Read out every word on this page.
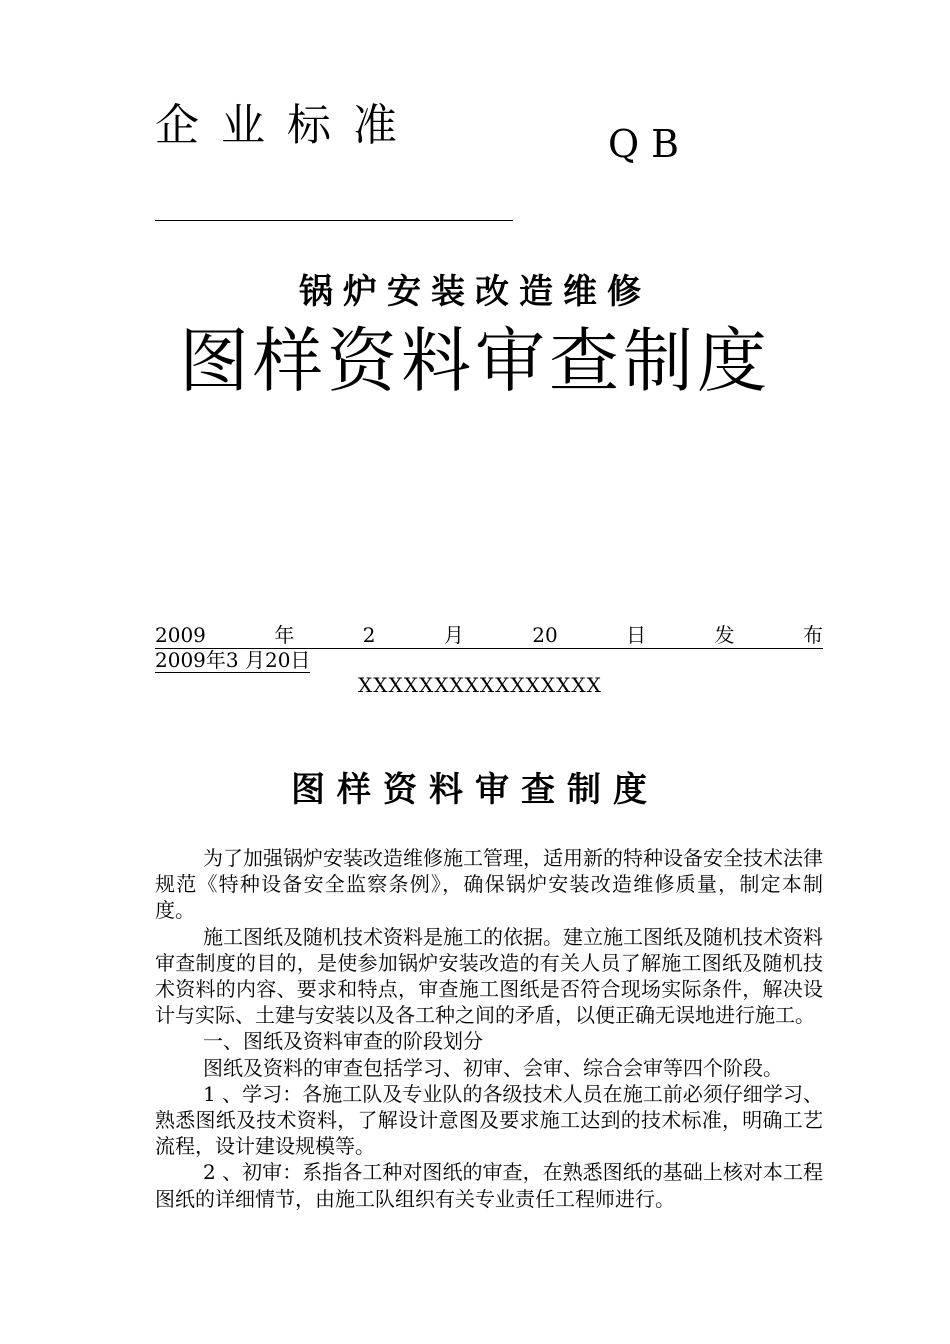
企业标准	QB
锅炉安装改造维修
图样资料审查制度
2009	年	2	月	20	日	发	布
2009年3 月20日
XXXXXXXXXXXXXXXX
图样资料审查制度

为了加强锅炉安装改造维修施工管理，适用新的特种设备安全技术法律规范《特种设备安全监察条例》，确保锅炉安装改造维修质量，制定本制度。

施工图纸及随机技术资料是施工的依据。建立施工图纸及随机技术资料审查制度的目的，是使参加锅炉安装改造的有关人员了解施工图纸及随机技术资料的内容、要求和特点，审查施工图纸是否符合现场实际条件，解决设计与实际、土建与安装以及各工种之间的矛盾，以便正确无误地进行施工。

一、图纸及资料审查的阶段划分

图纸及资料的审查包括学习、初审、会审、综合会审等四个阶段。

1 、学习：各施工队及专业队的各级技术人员在施工前必须仔细学习、熟悉图纸及技术资料，了解设计意图及要求施工达到的技术标准，明确工艺流程，设计建设规模等。

2 、初审：系指各工种对图纸的审查，在熟悉图纸的基础上核对本工程图纸的详细情节，由施工队组织有关专业责任工程师进行。
